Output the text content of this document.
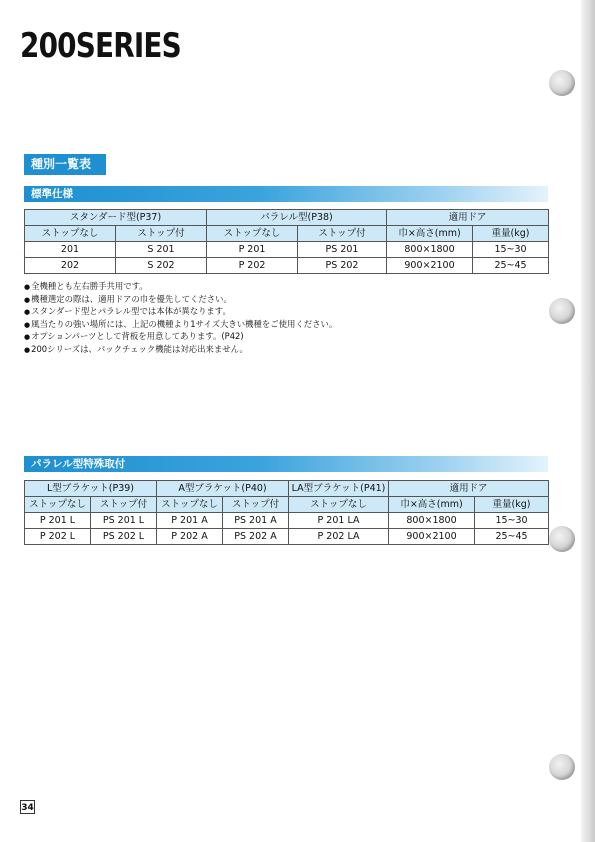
200SERIES
種別一覧表
標準仕様
スタンダード型(P37)		パラレル型(P38)		適用ドア	
ストップなし	ストップ付	ストップなし	ストップ付	巾×高さ(mm)	重量(kg)
201	S 201	P 201	PS 201	800×1800	15~30
202	S 202	P 202	PS 202	900×2100	25~45
● 全機種とも左右勝手共用です。
● 機種選定の際は、適用ドアの巾を優先してください。
● スタンダード型とパラレル型では本体が異なります。
● 風当たりの強い場所には、上記の機種より1サイズ大きい機種をご使用ください。
● オプションパーツとして背板を用意してあります。(P42)
● 200シリーズは、バックチェック機能は対応出来ません。
パラレル型特殊取付
L型ブラケット(P39)		A型ブラケット(P40)		LA型ブラケット(P41)	適用ドア	
ストップなし	ストップ付	ストップなし	ストップ付	ストップなし	巾×高さ(mm)	重量(kg)
P 201 L	PS 201 L	P 201 A	PS 201 A	P 201 LA	800×1800	15~30
P 202 L	PS 202 L	P 202 A	PS 202 A	P 202 LA	900×2100	25~45
34
